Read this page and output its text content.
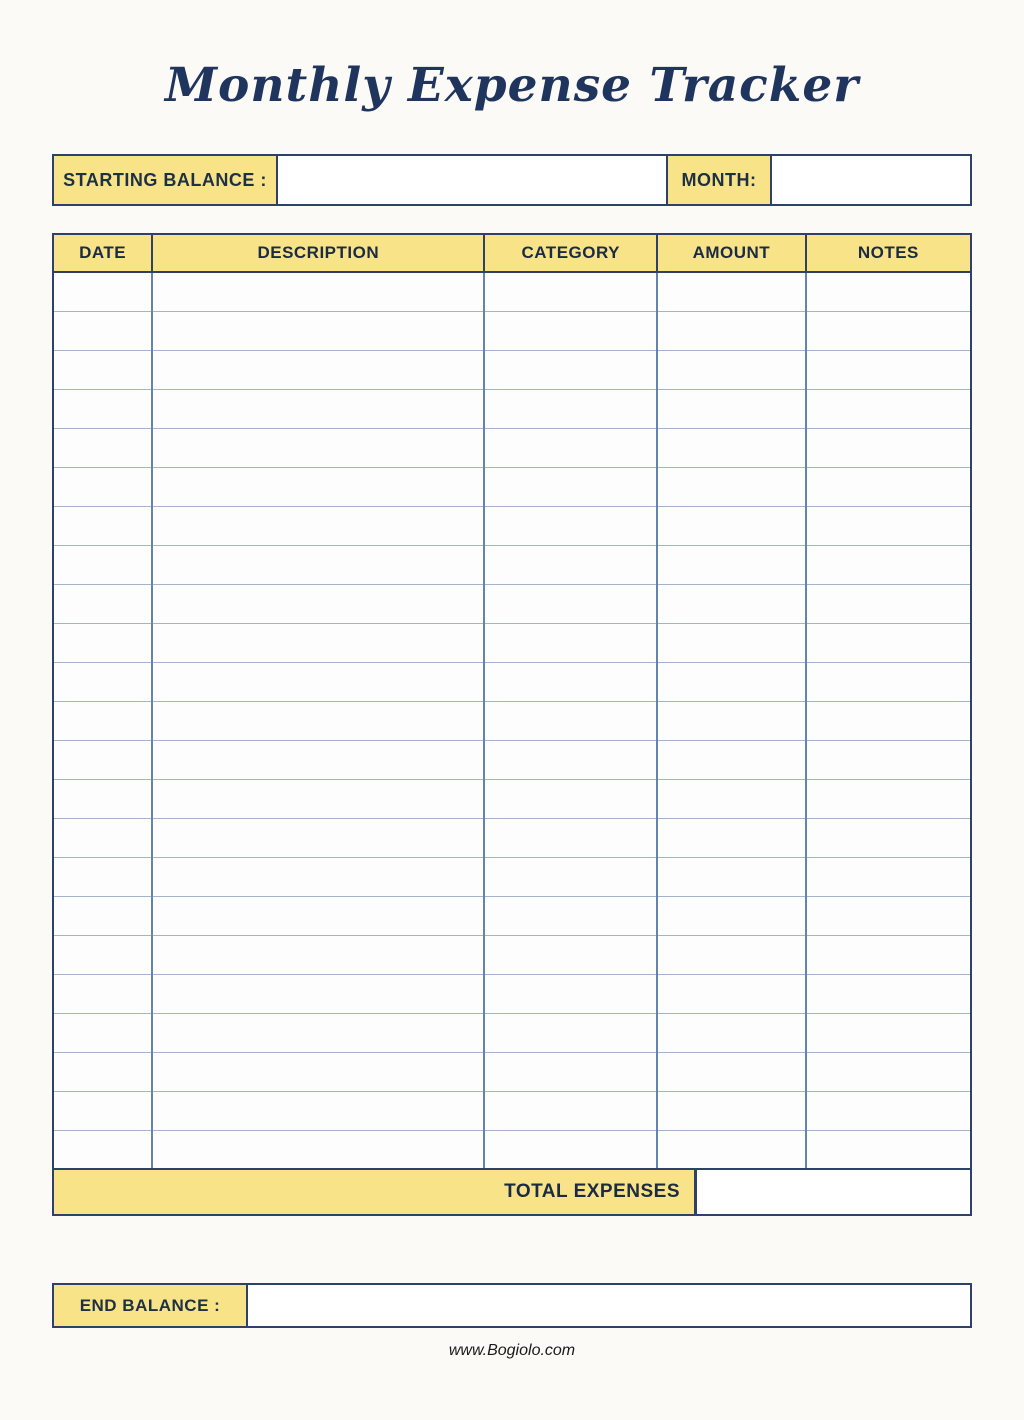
Monthly Expense Tracker
STARTING BALANCE :	MONTH:
DATE	DESCRIPTION	CATEGORY	AMOUNT	NOTES

TOTAL EXPENSES
END BALANCE :
www.Bogiolo.com
